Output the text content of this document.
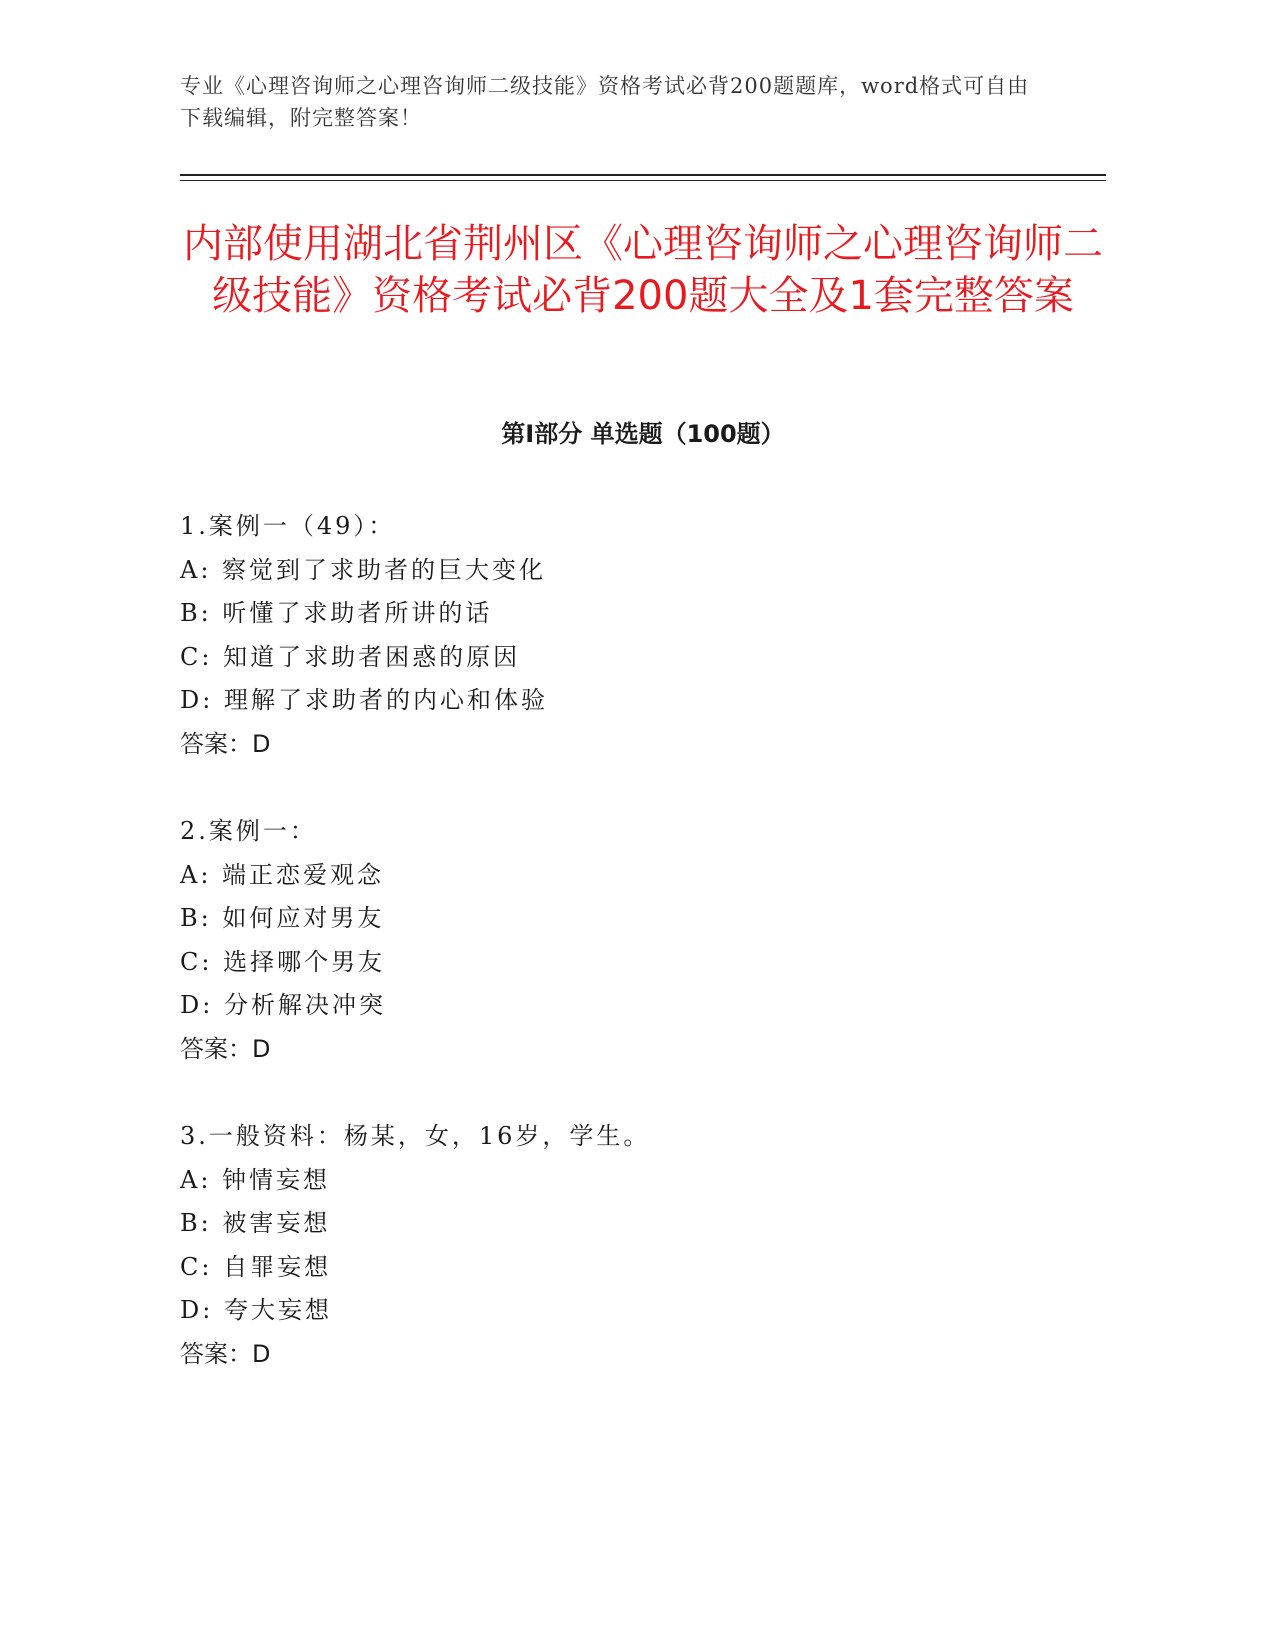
专业《心理咨询师之心理咨询师二级技能》资格考试必背200题题库，word格式可自由下载编辑，附完整答案！
内部使用湖北省荆州区《心理咨询师之心理咨询师二级技能》资格考试必背200题大全及1套完整答案
第Ⅰ部分 单选题（100题）
1.案例一（49）：
A: 察觉到了求助者的巨大变化
B: 听懂了求助者所讲的话
C: 知道了求助者困惑的原因
D: 理解了求助者的内心和体验
答案：D
2.案例一：
A: 端正恋爱观念
B: 如何应对男友
C: 选择哪个男友
D: 分析解决冲突
答案：D
3.一般资料：杨某，女，16岁，学生。
A: 钟情妄想
B: 被害妄想
C: 自罪妄想
D: 夸大妄想
答案：D
